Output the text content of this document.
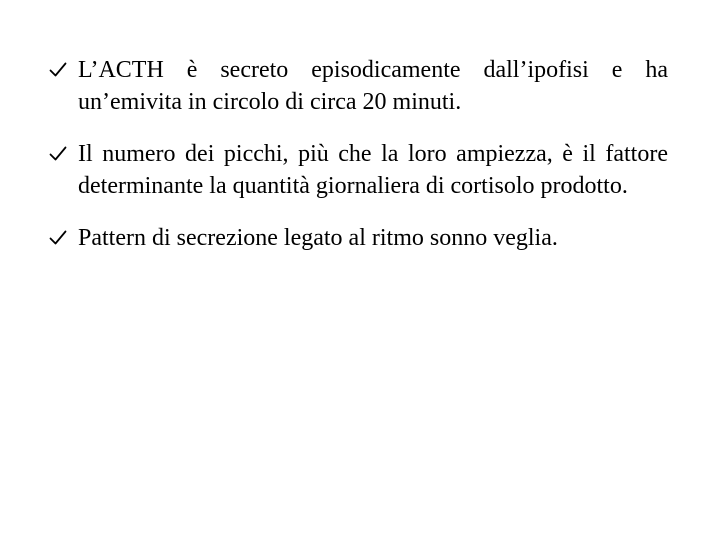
L’ACTH è secreto episodicamente dall’ipofisi e ha un’emivita in circolo di circa 20 minuti.
Il numero dei picchi, più che la loro ampiezza, è il fattore determinante la quantità giornaliera di cortisolo prodotto.
Pattern di secrezione legato al ritmo sonno veglia.
